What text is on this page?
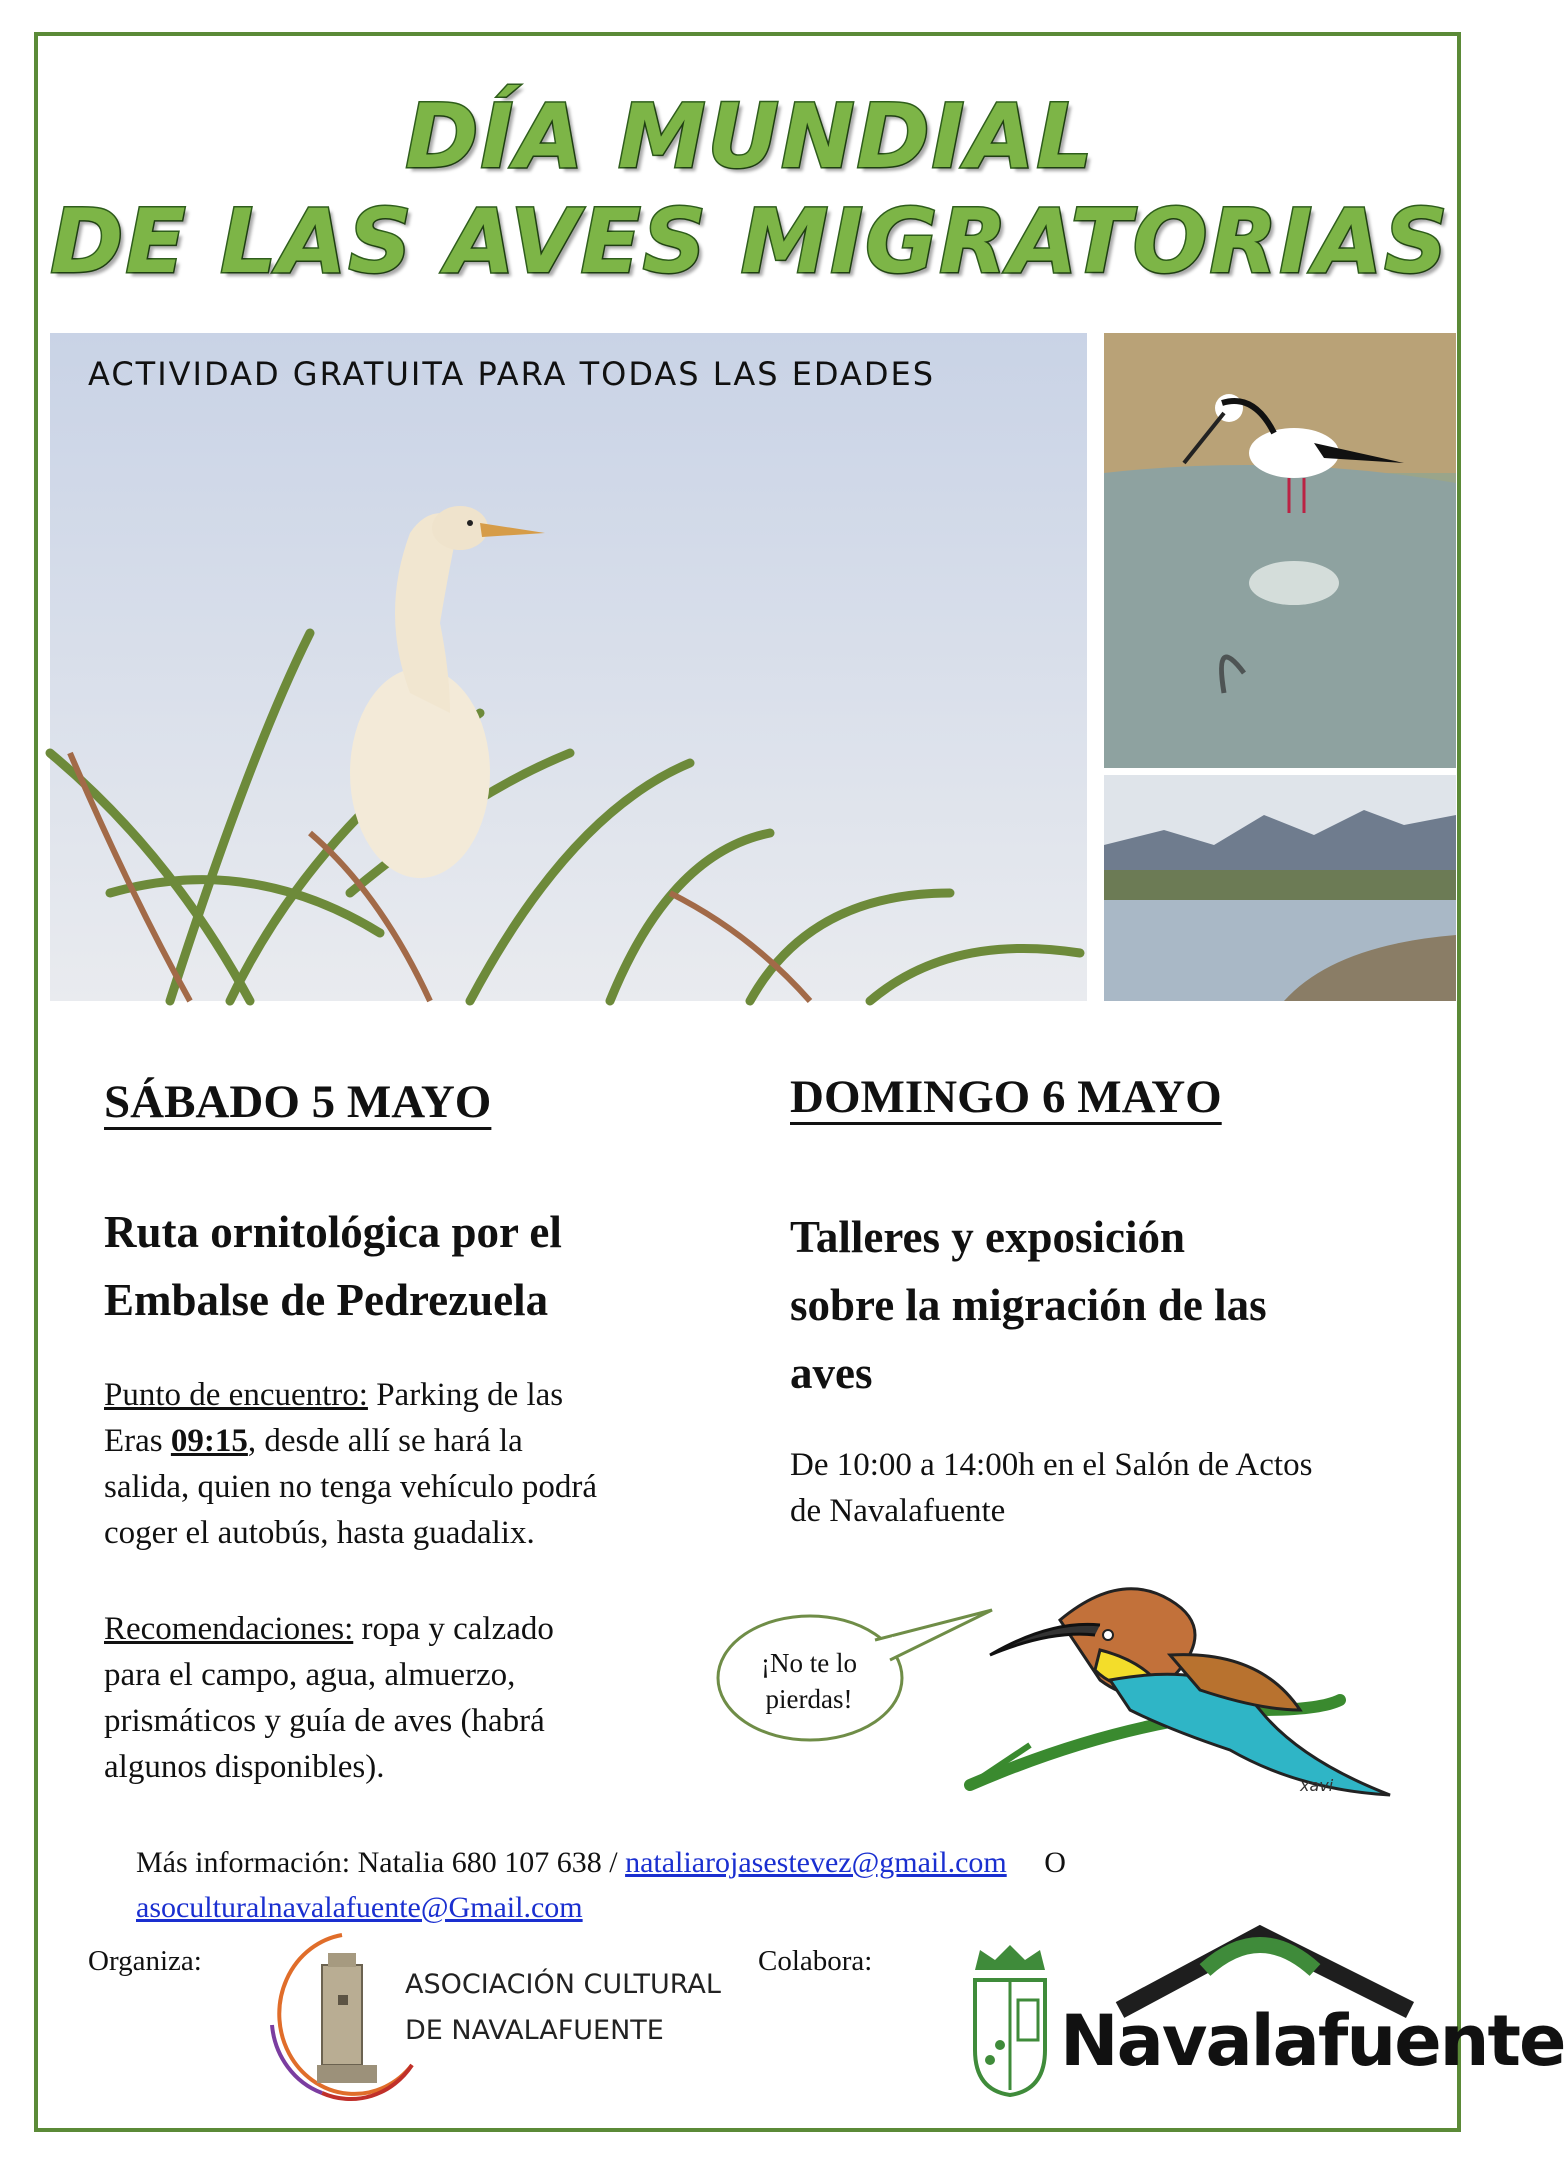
DÍA MUNDIAL
DE LAS AVES MIGRATORIAS
ACTIVIDAD GRATUITA PARA TODAS LAS EDADES
SÁBADO 5 MAYO
Ruta ornitológica por el
Embalse de Pedrezuela
Punto de encuentro: Parking de las
Eras 09:15, desde allí se hará la
salida, quien no tenga vehículo podrá
coger el autobús, hasta guadalix.
Recomendaciones: ropa y calzado
para el campo, agua, almuerzo,
prismáticos y guía de aves (habrá
algunos disponibles).
DOMINGO 6 MAYO
Talleres y exposición
sobre la migración de las
aves
De 10:00 a 14:00h en el Salón de Actos
de Navalafuente
¡No te lo
pierdas!
xavi
Más información: Natalia 680 107 638 / nataliarojasestevez@gmail.com O
asoculturalnavalafuente@Gmail.com
Organiza:	Colabora:
ASOCIACIÓN CULTURAL
DE NAVALAFUENTE	Navalafuente
